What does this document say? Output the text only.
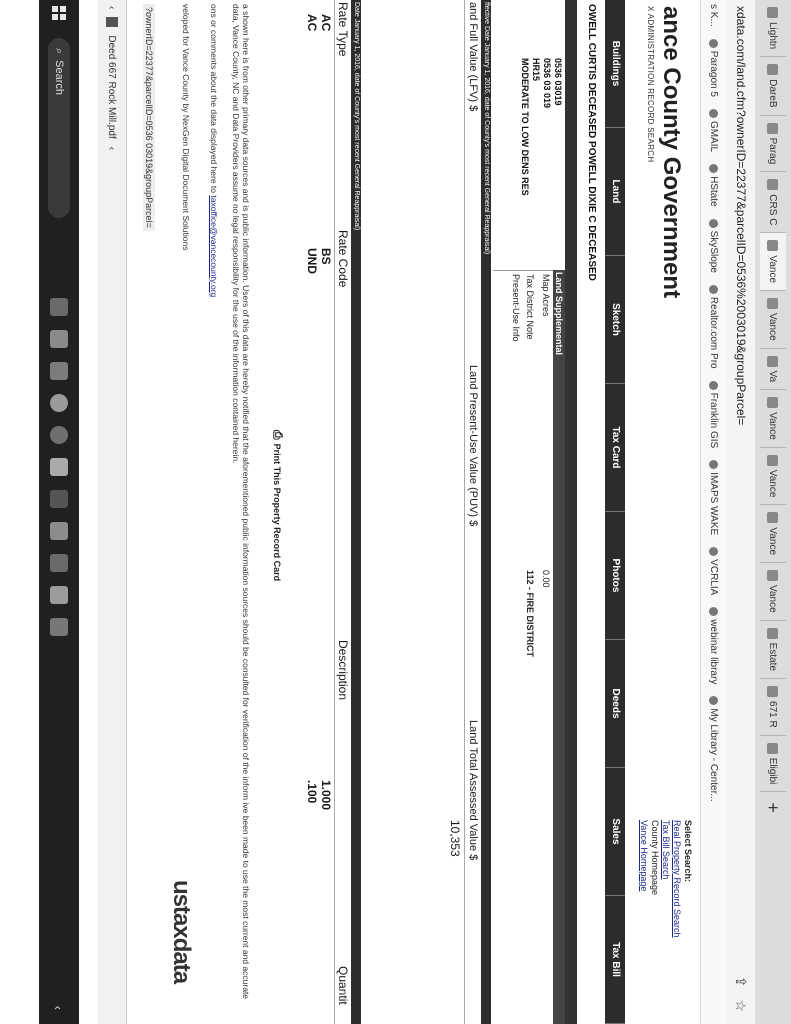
Lightn
DareB
Parag
CRS C
Vance
Vance
Va
Vance
Vance
Vance
Vance
Estate
671 R
Eligibi
+
xdata.com/land.cfm?ownerID=22377&parcelID=0536%2003019&groupParcel=
⇪
☆
s K...
Paragon 5
GMAIL
HState
SkySlope
Realtor.com Pro
Franklin GIS
IMAPS WAKE
VCRLIA
webinar library
My Library - Center...
ance County Government
X ADMINISTRATION RECORD SEARCH
Select Search:
Real Property Record Search
Tax Bill Search
County Homepage
Vance Homepage
Buildings
Land
Sketch
Tax Card
Photos
Deeds
Sales
Tax Bill
OWELL CURTIS DECEASED POWELL DIXIE C DECEASED
0536 03019
0536 03 019
HR15
MODERATE TO LOW DENS RES
Land Supplemental
Map Acres
0.00
Tax District Note
112 - FIRE DISTRICT
Present-Use Info
ffective Date January 1, 2016, date of County's most recent General Reappraisal)
and Full Value (LFV) $
Land Present-Use Value (PUV) $
Land Total Assessed Value $
10,353
Date January 1, 2016, date of County's most recent General Reappraisal)
Rate Type
Rate Code
Description
Quantit
AC
BS
1.000
AC
UND
.100
⎙
Print This Property Record Card
a shown here is from other primary data sources and is public information. Users of this data are hereby notified that the aforementioned public information sources should be consulted for verification of the inform ive been made to use the most current and accurate data, Vance County, NC and Data Providers assume no legal responsibility for the use of the information contained herein.
ons or comments about the data displayed here to taxoffice@vancecounty.org
veloped for Vance County by NexGen Digital Document Solutions
ustaxdata
?ownerID=22377&parcelID=0536 03019&groupParcel=
‹
Deed 667 Rock Mill.pdf
‹
⌕
Search
‹
